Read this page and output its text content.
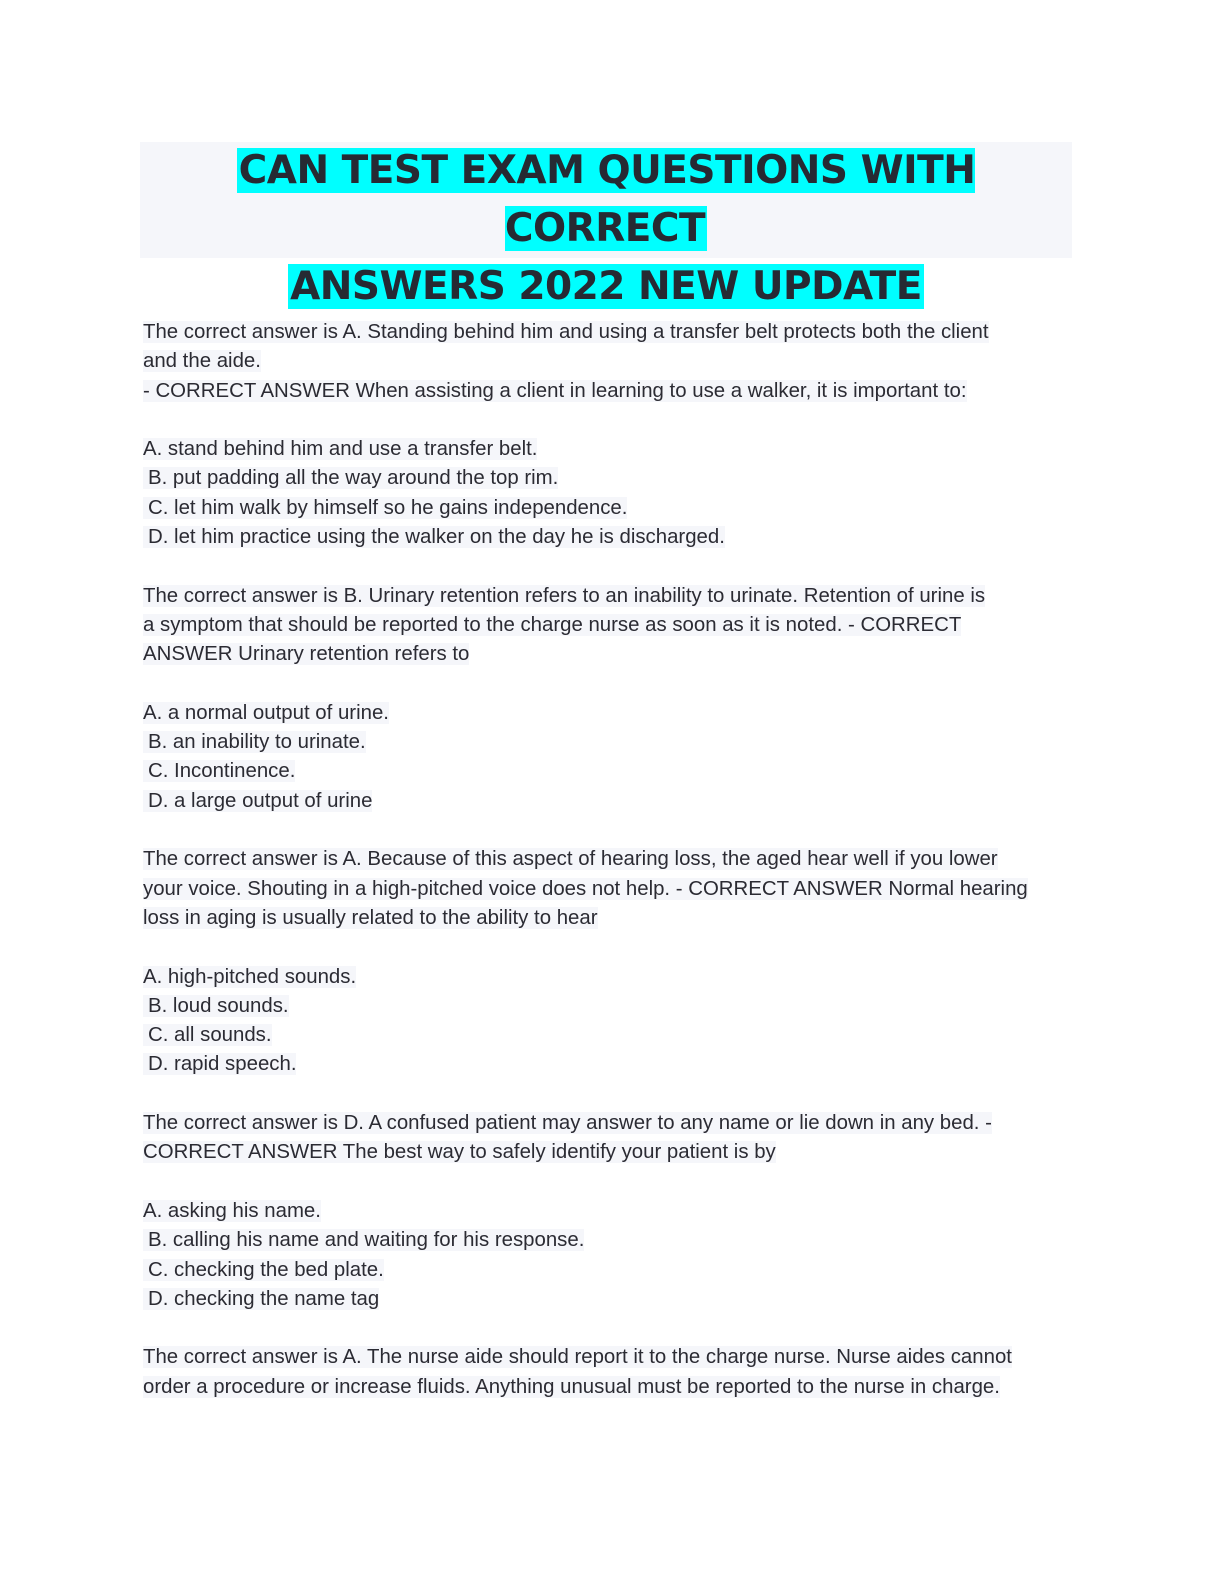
CAN TEST EXAM QUESTIONS WITH CORRECT
ANSWERS 2022 NEW UPDATE
The correct answer is A. Standing behind him and using a transfer belt protects both the client
and the aide.
- CORRECT ANSWER When assisting a client in learning to use a walker, it is important to:
A. stand behind him and use a transfer belt.
B. put padding all the way around the top rim.
C. let him walk by himself so he gains independence.
D. let him practice using the walker on the day he is discharged.
The correct answer is B. Urinary retention refers to an inability to urinate. Retention of urine is
a symptom that should be reported to the charge nurse as soon as it is noted. - CORRECT
ANSWER Urinary retention refers to
A. a normal output of urine.
B. an inability to urinate.
C. Incontinence.
D. a large output of urine
The correct answer is A. Because of this aspect of hearing loss, the aged hear well if you lower
your voice. Shouting in a high-pitched voice does not help. - CORRECT ANSWER Normal hearing
loss in aging is usually related to the ability to hear
A. high-pitched sounds.
B. loud sounds.
C. all sounds.
D. rapid speech.
The correct answer is D. A confused patient may answer to any name or lie down in any bed. -
CORRECT ANSWER The best way to safely identify your patient is by
A. asking his name.
B. calling his name and waiting for his response.
C. checking the bed plate.
D. checking the name tag
The correct answer is A. The nurse aide should report it to the charge nurse. Nurse aides cannot
order a procedure or increase fluids. Anything unusual must be reported to the nurse in charge.
